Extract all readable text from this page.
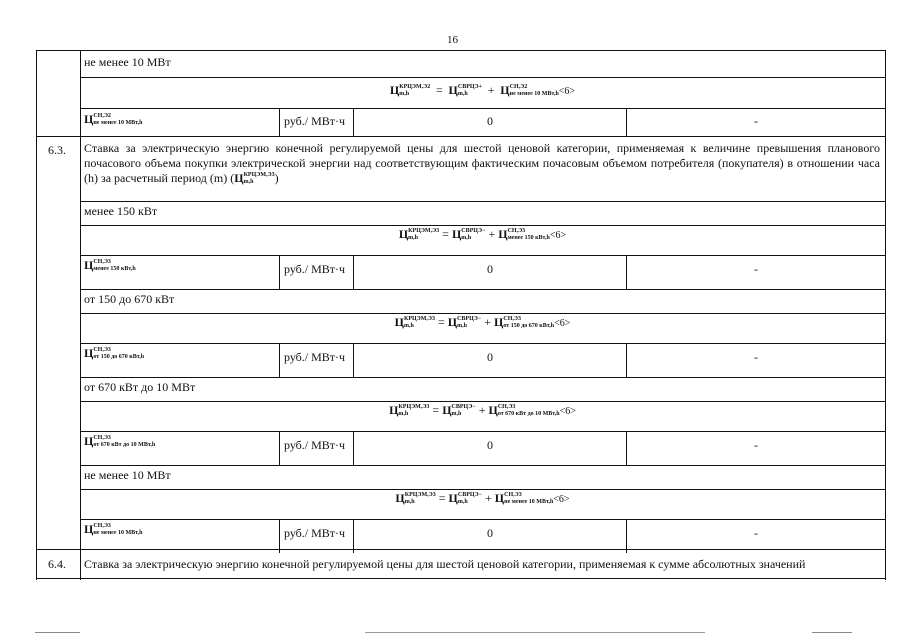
16
не менее 10 МВт
Ц КРЦЭМ,Э2
m,h	= Ц СВРЦЭ+
m,h	+ Ц СН,Э2
не менее 10 МВт,h <6>
Ц СН,Э2
не менее 10 МВт,h	руб./ МВт·ч	0	-
6.3. Ставка за электрическую энергию конечной регулируемой цены для шестой ценовой категории, применяемая к величине превышения планового почасового объема покупки электрической энергии над соответствующим фактическим почасовым объемом потребителя (покупателя) в отношении часа (h) за расчетный период (m) (Ц КРЦЭМ,Э3
m,h	)
менее 150 кВт
Ц КРЦЭМ,Э3
m,h	= Ц СВРЦЭ−
m,h	+ Ц СН,Э3
менее 150 кВт,h <6>
Ц СН,Э3
менее 150 кВт,h	руб./ МВт·ч	0	-
от 150 до 670 кВт
Ц КРЦЭМ,Э3
m,h	= Ц СВРЦЭ−
m,h	+ Ц СН,Э3
от 150 до 670 кВт,h <6>
Ц СН,Э3
от 150 до 670 кВт,h	руб./ МВт·ч	0	-
от 670 кВт до 10 МВт
Ц КРЦЭМ,Э3
m,h	= Ц СВРЦЭ−
m,h	+ Ц СН,Э3
от 670 кВт до 10 МВт,h <6>
Ц СН,Э3
от 670 кВт до 10 МВт,h	руб./ МВт·ч	0	-
не менее 10 МВт
Ц КРЦЭМ,Э3
m,h	= Ц СВРЦЭ−
m,h	+ Ц СН,Э3
не менее 10 МВт,h <6>
Ц СН,Э3
не менее 10 МВт,h	руб./ МВт·ч	0	-
6.4. Ставка за электрическую энергию конечной регулируемой цены для шестой ценовой категории, применяемая к сумме абсолютных значений
